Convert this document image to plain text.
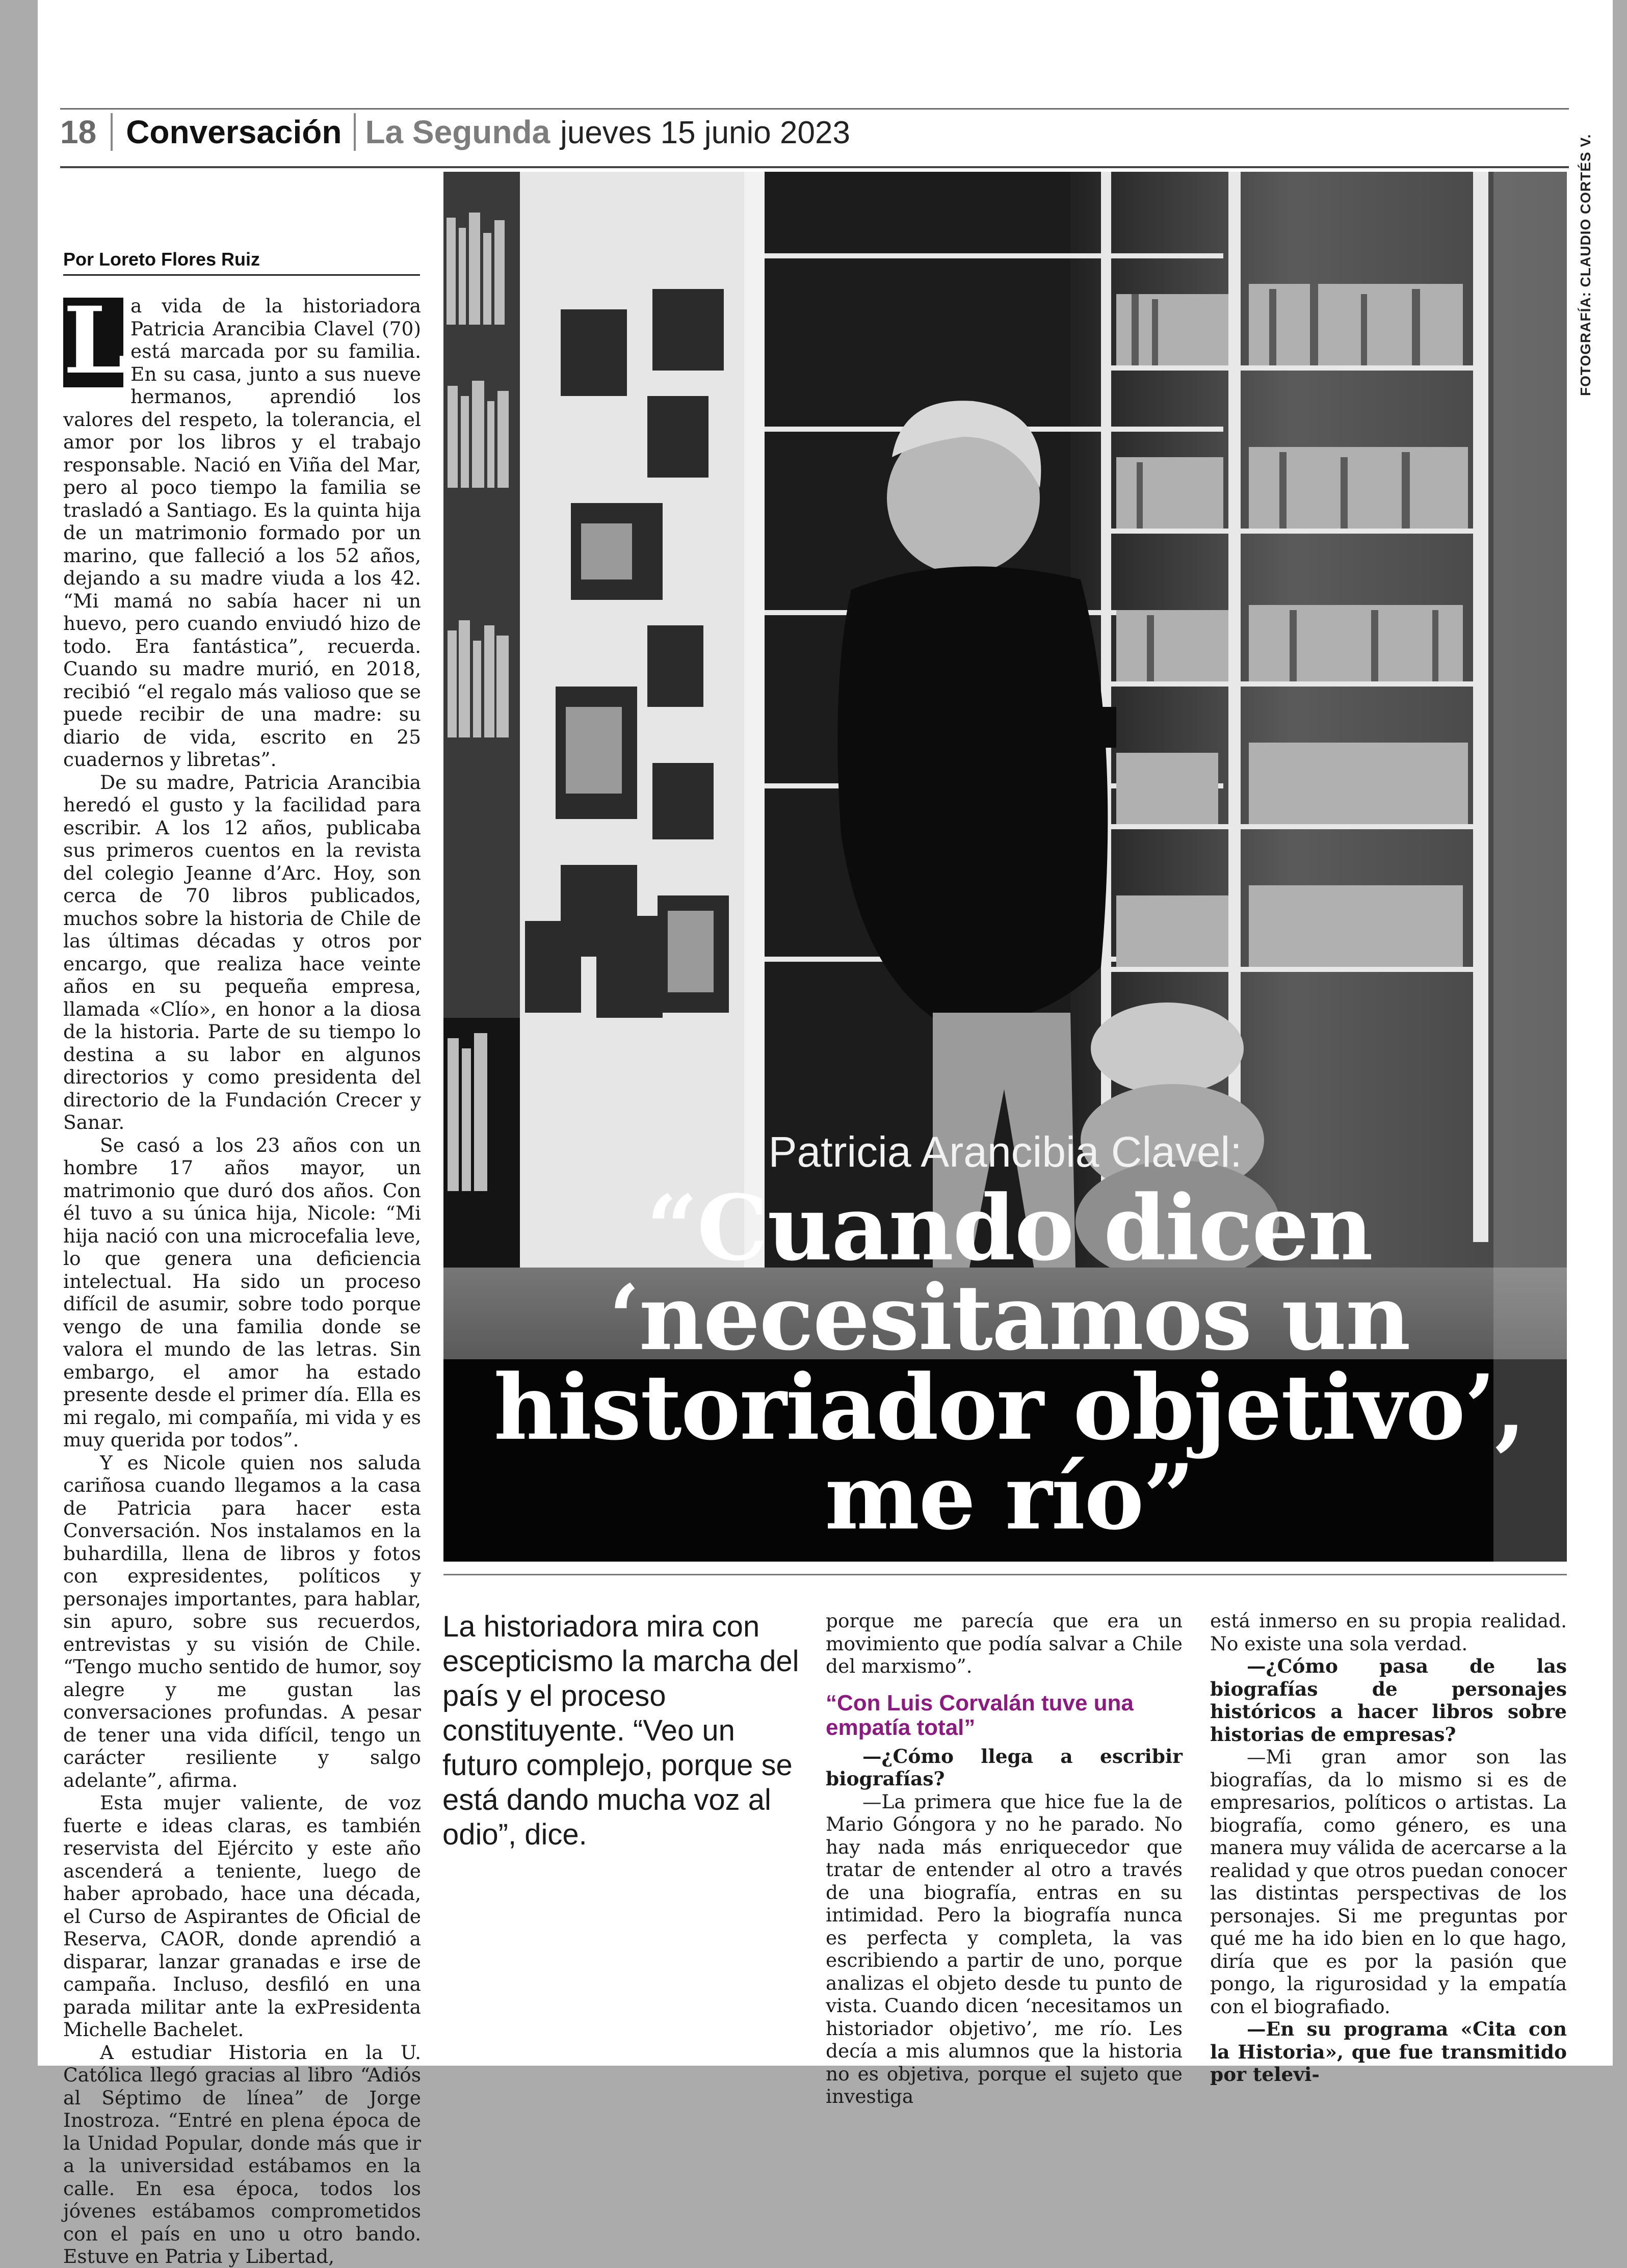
18 Conversación La Segunda jueves 15 junio 2023
Por Loreto Flores Ruiz
L a vida de la historiadora Patricia Arancibia Clavel (70) está marcada por su familia. En su casa, junto a sus nueve hermanos, aprendió los valores del respeto, la tolerancia, el amor por los libros y el trabajo responsable. Nació en Viña del Mar, pero al poco tiempo la familia se trasladó a Santiago. Es la quinta hija de un matrimonio formado por un marino, que falleció a los 52 años, dejando a su madre viuda a los 42. “Mi mamá no sabía hacer ni un huevo, pero cuando enviudó hizo de todo. Era fantástica”, recuerda. Cuando su madre murió, en 2018, recibió “el regalo más valioso que se puede recibir de una madre: su diario de vida, escrito en 25 cuadernos y libretas”.

De su madre, Patricia Arancibia heredó el gusto y la facilidad para escribir. A los 12 años, publicaba sus primeros cuentos en la revista del colegio Jeanne d’Arc. Hoy, son cerca de 70 libros publicados, muchos sobre la historia de Chile de las últimas décadas y otros por encargo, que realiza hace veinte años en su pequeña empresa, llamada «Clío», en honor a la diosa de la historia. Parte de su tiempo lo destina a su labor en algunos directorios y como presidenta del directorio de la Fundación Crecer y Sanar.

Se casó a los 23 años con un hombre 17 años mayor, un matrimonio que duró dos años. Con él tuvo a su única hija, Nicole: “Mi hija nació con una microcefalia leve, lo que genera una deficiencia intelectual. Ha sido un proceso difícil de asumir, sobre todo porque vengo de una familia donde se valora el mundo de las letras. Sin embargo, el amor ha estado presente desde el primer día. Ella es mi regalo, mi compañía, mi vida y es muy querida por todos”.

Y es Nicole quien nos saluda cariñosa cuando llegamos a la casa de Patricia para hacer esta Conversación. Nos instalamos en la buhardilla, llena de libros y fotos con expresidentes, políticos y personajes importantes, para hablar, sin apuro, sobre sus recuerdos, entrevistas y su visión de Chile. “Tengo mucho sentido de humor, soy alegre y me gustan las conversaciones profundas. A pesar de tener una vida difícil, tengo un carácter resiliente y salgo adelante”, afirma.

Esta mujer valiente, de voz fuerte e ideas claras, es también reservista del Ejército y este año ascenderá a teniente, luego de haber aprobado, hace una década, el Curso de Aspirantes de Oficial de Reserva, CAOR, donde aprendió a disparar, lanzar granadas e irse de campaña. Incluso, desfiló en una parada militar ante la exPresidenta Michelle Bachelet.

A estudiar Historia en la U. Católica llegó gracias al libro “Adiós al Séptimo de línea” de Jorge Inostroza. “Entré en plena época de la Unidad Popular, donde más que ir a la universidad estábamos en la calle. En esa época, todos los jóvenes estábamos comprometidos con el país en uno u otro bando. Estuve en Patria y Libertad,

FOTOGRAFÍA: CLAUDIO CORTÉS V.
Patricia Arancibia Clavel:
“Cuando dicen ‘necesitamos un historiador objetivo’, me río”
La historiadora mira con escepticismo la marcha del país y el proceso constituyente. “Veo un futuro complejo, porque se está dando mucha voz al odio”, dice.

porque me parecía que era un movimiento que podía salvar a Chile del marxismo”.

“Con Luis Corvalán tuve una empatía total”

—¿Cómo llega a escribir biografías?

—La primera que hice fue la de Mario Góngora y no he parado. No hay nada más enriquecedor que tratar de entender al otro a través de una biografía, entras en su intimidad. Pero la biografía nunca es perfecta y completa, la vas escribiendo a partir de uno, porque analizas el objeto desde tu punto de vista. Cuando dicen ‘necesitamos un historiador objetivo’, me río. Les decía a mis alumnos que la historia no es objetiva, porque el sujeto que investiga

está inmerso en su propia realidad. No existe una sola verdad.

—¿Cómo pasa de las biografías de personajes históricos a hacer libros sobre historias de empresas?

—Mi gran amor son las biografías, da lo mismo si es de empresarios, políticos o artistas. La biografía, como género, es una manera muy válida de acercarse a la realidad y que otros puedan conocer las distintas perspectivas de los personajes. Si me preguntas por qué me ha ido bien en lo que hago, diría que es por la pasión que pongo, la rigurosidad y la empatía con el biografiado.

—En su programa «Cita con la Historia», que fue transmitido por televi-
